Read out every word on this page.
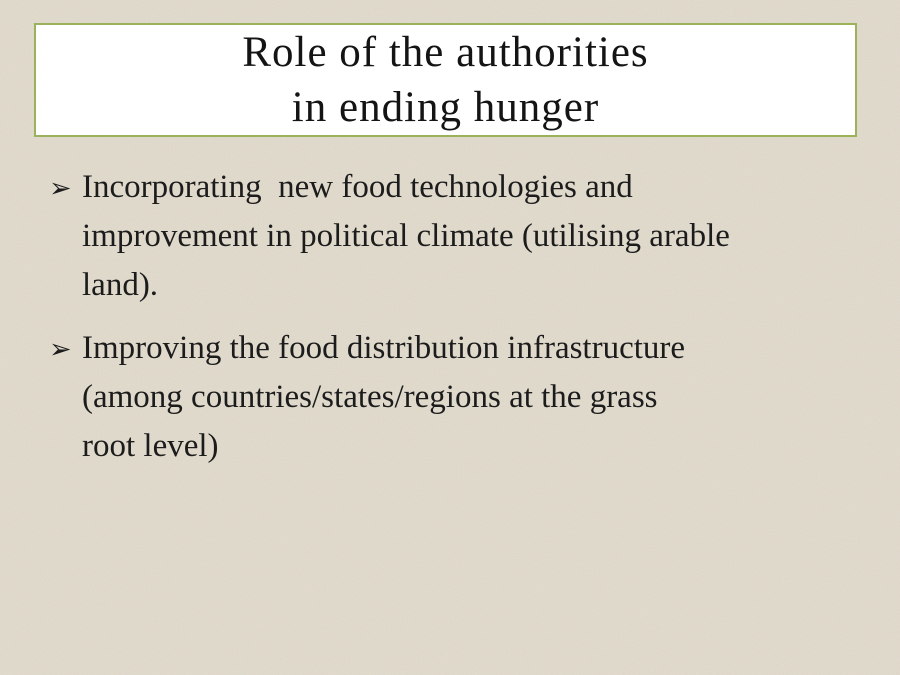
Role of the authorities
in ending hunger
➢ Incorporating  new food technologies and
improvement in political climate (utilising arable
land).
➢ Improving the food distribution infrastructure
(among countries/states/regions at the grass
root level)
